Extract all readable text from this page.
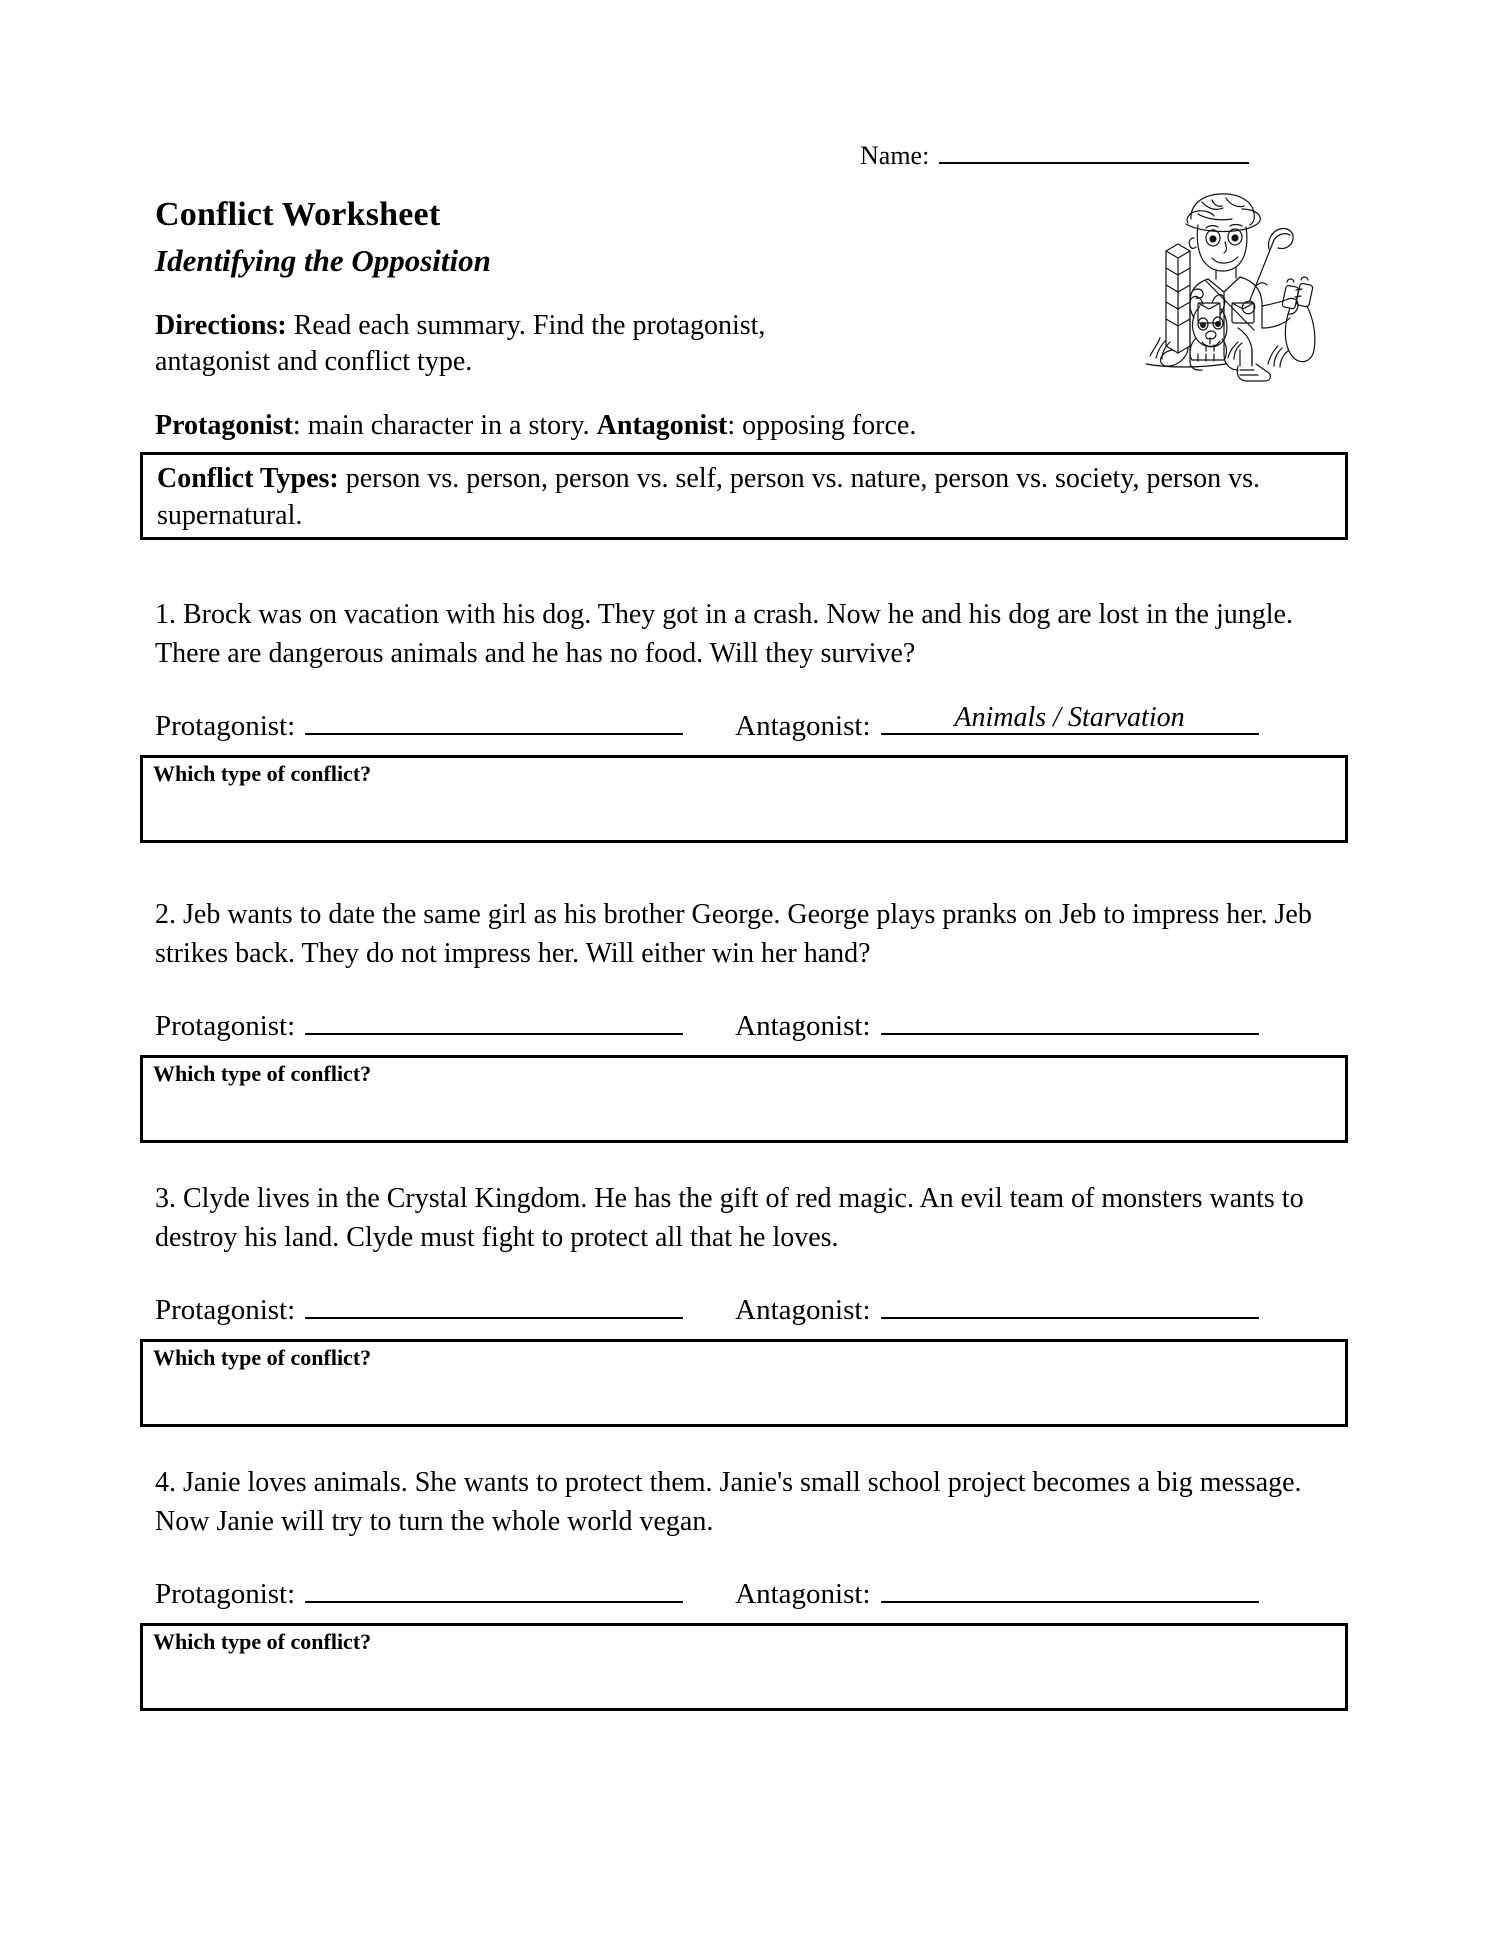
Name:
Conflict Worksheet
Identifying the Opposition
Directions: Read each summary. Find the protagonist, antagonist and conflict type.
Protagonist: main character in a story. Antagonist: opposing force.
Conflict Types: person vs. person, person vs. self, person vs. nature, person vs. society, person vs. supernatural.
1. Brock was on vacation with his dog. They got in a crash. Now he and his dog are lost in the jungle. There are dangerous animals and he has no food. Will they survive?
Protagonist:	Antagonist:	Animals / Starvation
Which type of conflict?
2. Jeb wants to date the same girl as his brother George. George plays pranks on Jeb to impress her. Jeb strikes back. They do not impress her. Will either win her hand?
Protagonist:	Antagonist:
Which type of conflict?
3. Clyde lives in the Crystal Kingdom. He has the gift of red magic. An evil team of monsters wants to destroy his land. Clyde must fight to protect all that he loves.
Protagonist:	Antagonist:
Which type of conflict?
4. Janie loves animals. She wants to protect them. Janie's small school project becomes a big message. Now Janie will try to turn the whole world vegan.
Protagonist:	Antagonist:
Which type of conflict?
